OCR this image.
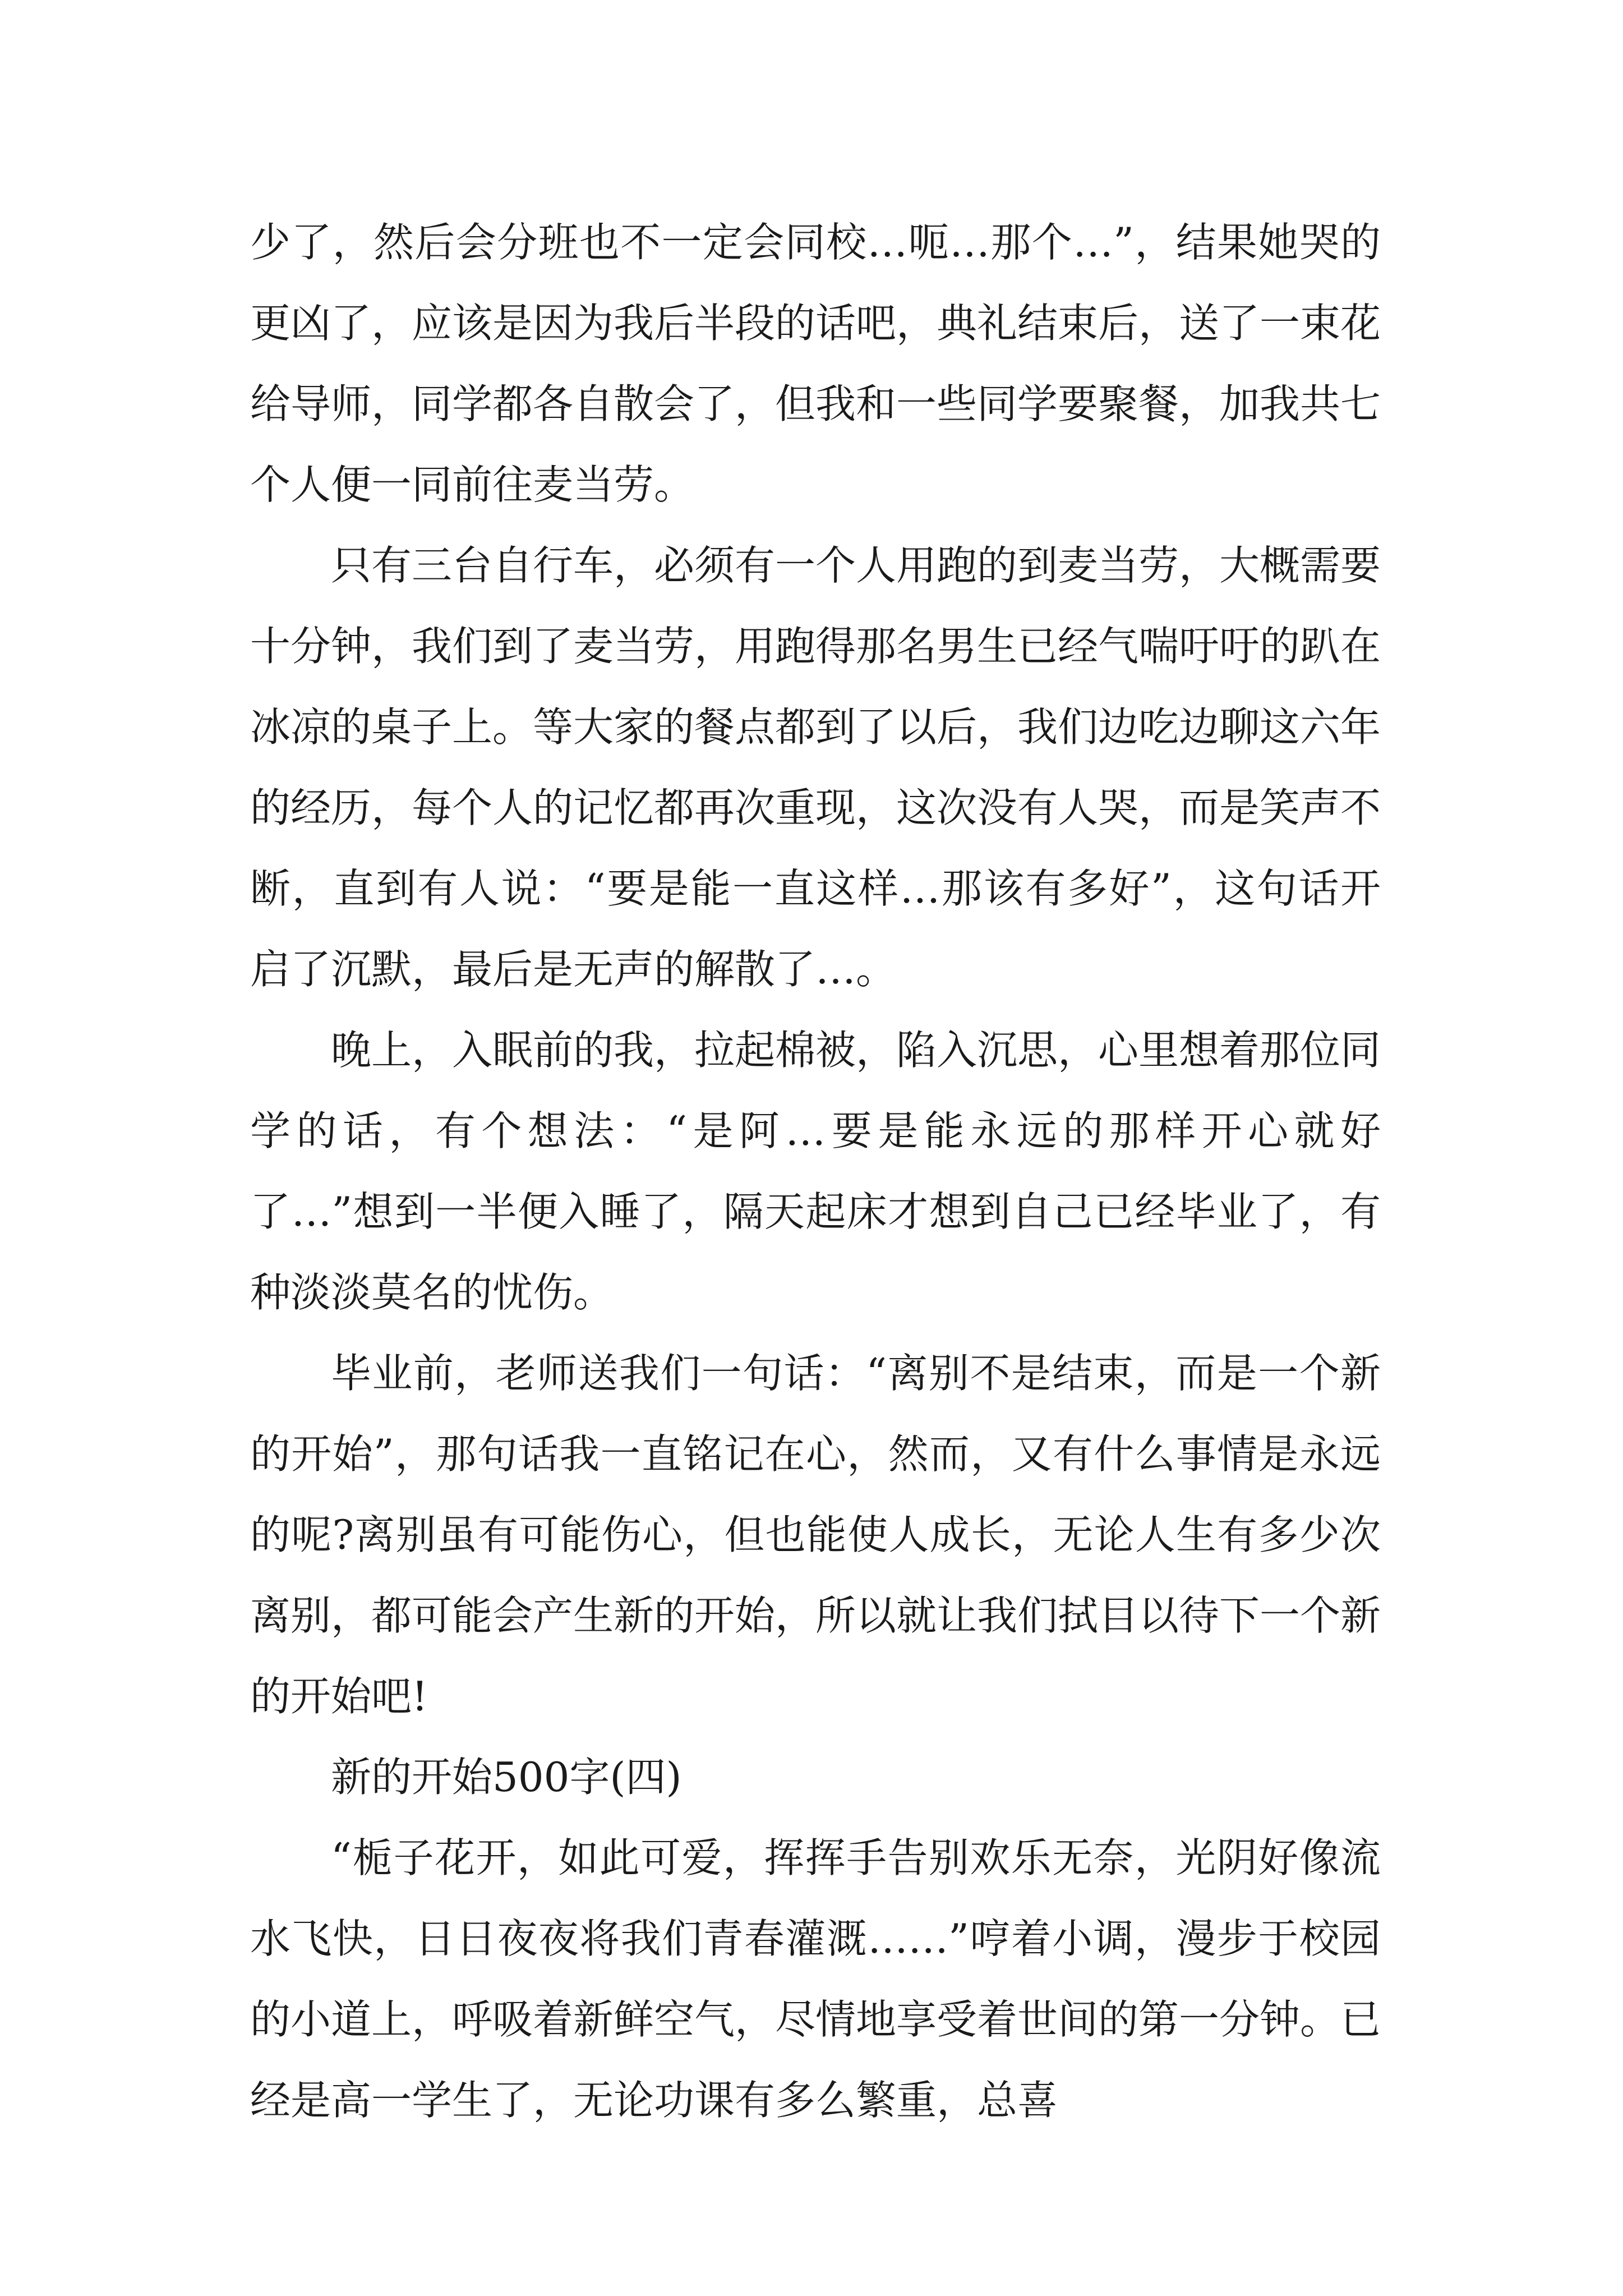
少了，然后会分班也不一定会同校…呃…那个…”，结果她哭的更凶了，应该是因为我后半段的话吧，典礼结束后，送了一束花给导师，同学都各自散会了，但我和一些同学要聚餐，加我共七个人便一同前往麦当劳。

只有三台自行车，必须有一个人用跑的到麦当劳，大概需要十分钟，我们到了麦当劳，用跑得那名男生已经气喘吁吁的趴在冰凉的桌子上。等大家的餐点都到了以后，我们边吃边聊这六年的经历，每个人的记忆都再次重现，这次没有人哭，而是笑声不断，直到有人说：“要是能一直这样…那该有多好”，这句话开启了沉默，最后是无声的解散了…。

晚上，入眠前的我，拉起棉被，陷入沉思，心里想着那位同学的话，有个想法：“是阿…要是能永远的那样开心就好了…”想到一半便入睡了，隔天起床才想到自己已经毕业了，有种淡淡莫名的忧伤。

毕业前，老师送我们一句话：“离别不是结束，而是一个新的开始”，那句话我一直铭记在心，然而，又有什么事情是永远的呢?离别虽有可能伤心，但也能使人成长，无论人生有多少次离别，都可能会产生新的开始，所以就让我们拭目以待下一个新的开始吧!

新的开始500字(四)

“栀子花开，如此可爱，挥挥手告别欢乐无奈，光阴好像流水飞快，日日夜夜将我们青春灌溉……”哼着小调，漫步于校园的小道上，呼吸着新鲜空气，尽情地享受着世间的第一分钟。已经是高一学生了，无论功课有多么繁重，总喜
